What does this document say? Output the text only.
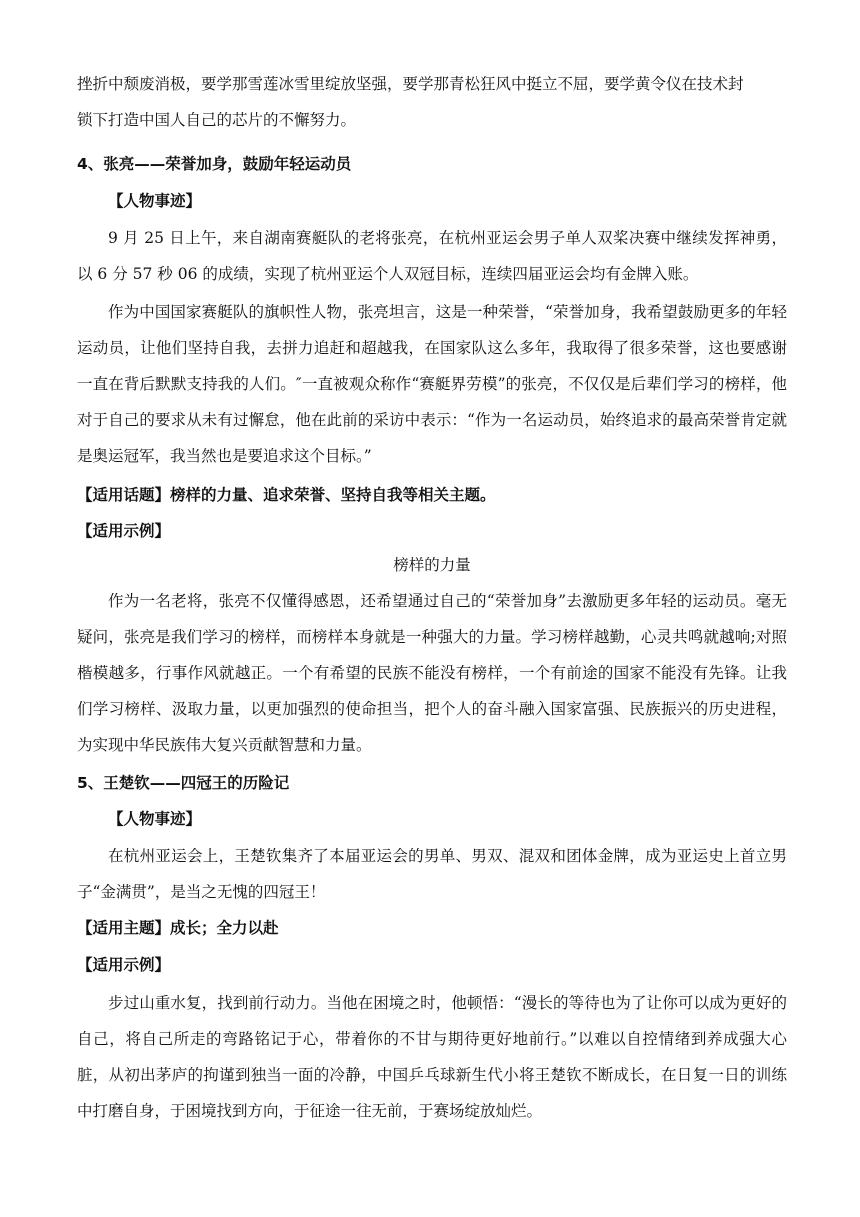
挫折中颓废消极，要学那雪莲冰雪里绽放坚强，要学那青松狂风中挺立不屈，要学黄令仪在技术封
锁下打造中国人自己的芯片的不懈努力。
4、张亮——荣誉加身，鼓励年轻运动员
【人物事迹】
9 月 25 日上午，来自湖南赛艇队的老将张亮，在杭州亚运会男子单人双桨决赛中继续发挥神勇，以 6 分 57 秒 06 的成绩，实现了杭州亚运个人双冠目标，连续四届亚运会均有金牌入账。
作为中国国家赛艇队的旗帜性人物，张亮坦言，这是一种荣誉，“荣誉加身，我希望鼓励更多的年轻运动员，让他们坚持自我，去拼力追赶和超越我，在国家队这么多年，我取得了很多荣誉，这也要感谢一直在背后默默支持我的人们。″一直被观众称作“赛艇界劳模”的张亮，不仅仅是后辈们学习的榜样，他对于自己的要求从未有过懈怠，他在此前的采访中表示：“作为一名运动员，始终追求的最高荣誉肯定就是奥运冠军，我当然也是要追求这个目标。”
【适用话题】榜样的力量、追求荣誉、坚持自我等相关主题。
【适用示例】
榜样的力量
作为一名老将，张亮不仅懂得感恩，还希望通过自己的“荣誉加身”去激励更多年轻的运动员。毫无疑问，张亮是我们学习的榜样，而榜样本身就是一种强大的力量。学习榜样越勤，心灵共鸣就越响;对照楷模越多，行事作风就越正。一个有希望的民族不能没有榜样，一个有前途的国家不能没有先锋。让我们学习榜样、汲取力量，以更加强烈的使命担当，把个人的奋斗融入国家富强、民族振兴的历史进程，为实现中华民族伟大复兴贡献智慧和力量。
5、王楚钦——四冠王的历险记
【人物事迹】
在杭州亚运会上，王楚钦集齐了本届亚运会的男单、男双、混双和团体金牌，成为亚运史上首立男子“金满贯”，是当之无愧的四冠王！
【适用主题】成长；全力以赴
【适用示例】
步过山重水复，找到前行动力。当他在困境之时，他顿悟：“漫长的等待也为了让你可以成为更好的自己，将自己所走的弯路铭记于心，带着你的不甘与期待更好地前行。”以难以自控情绪到养成强大心脏，从初出茅庐的拘谨到独当一面的冷静，中国乒乓球新生代小将王楚钦不断成长，在日复一日的训练中打磨自身，于困境找到方向，于征途一往无前，于赛场绽放灿烂。
